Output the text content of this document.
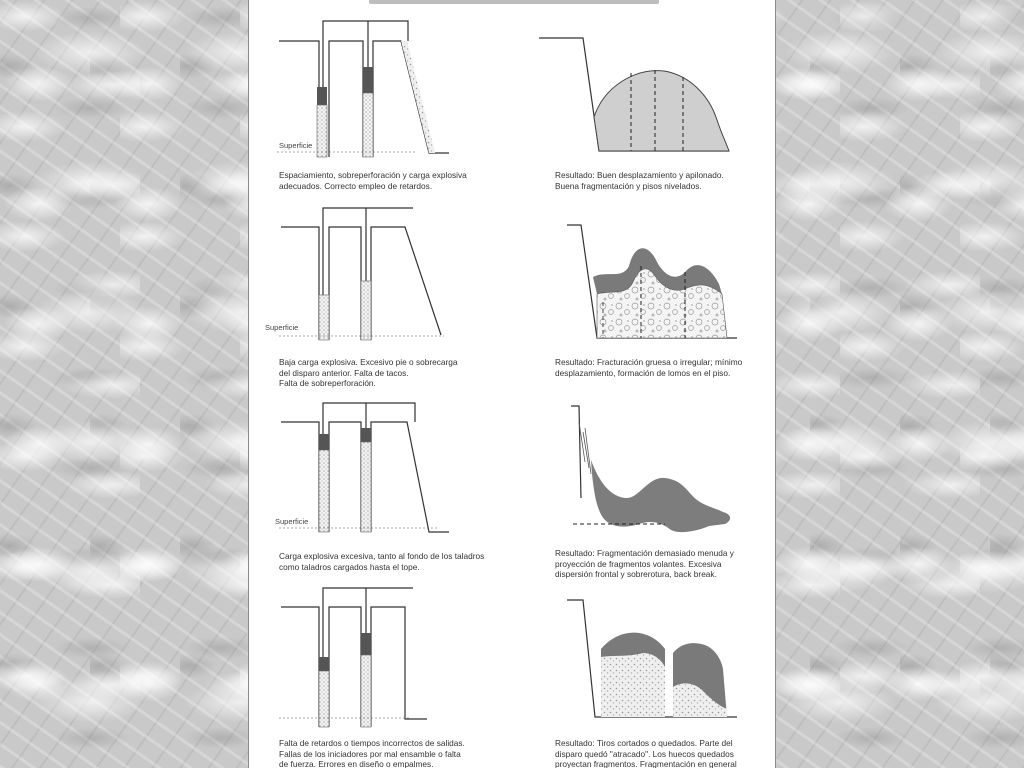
Superficie
Espaciamiento, sobreperforación y carga explosiva
adecuados. Correcto empleo de retardos.
Resultado: Buen desplazamiento y apilonado.
Buena fragmentación y pisos nivelados.
Superficie
Baja carga explosiva. Excesivo pie o sobrecarga
del disparo anterior. Falta de tacos.
Falta de sobreperforación.
Resultado: Fracturación gruesa o irregular; mínimo
desplazamiento, formación de lomos en el piso.
Superficie
Carga explosiva excesiva, tanto al fondo de los taladros
como taladros cargados hasta el tope.
Resultado: Fragmentación demasiado menuda y
proyección de fragmentos volantes. Excesiva
dispersión frontal y sobrerotura, back break.
Falta de retardos o tiempos incorrectos de salidas.
Fallas de los iniciadores por mal ensamble o falta
de fuerza. Errores en diseño o empalmes.
Resultado: Tiros cortados o quedados. Parte del
disparo quedó "atracado". Los huecos quedados
proyectan fragmentos. Fragmentación en general
